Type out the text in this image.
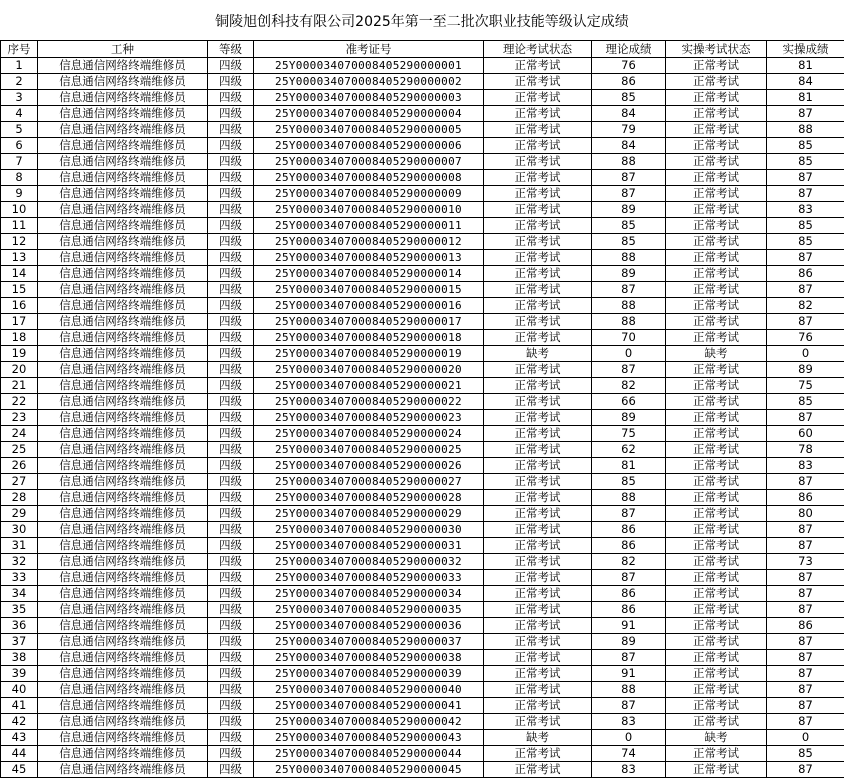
铜陵旭创科技有限公司2025年第一至二批次职业技能等级认定成绩
序号	工种	等级	准考证号	理论考试状态	理论成绩	实操考试状态	实操成绩
1	信息通信网络终端维修员	四级	25Y000034070008405290000001	正常考试	76	正常考试	81
2	信息通信网络终端维修员	四级	25Y000034070008405290000002	正常考试	86	正常考试	84
3	信息通信网络终端维修员	四级	25Y000034070008405290000003	正常考试	85	正常考试	81
4	信息通信网络终端维修员	四级	25Y000034070008405290000004	正常考试	84	正常考试	87
5	信息通信网络终端维修员	四级	25Y000034070008405290000005	正常考试	79	正常考试	88
6	信息通信网络终端维修员	四级	25Y000034070008405290000006	正常考试	84	正常考试	85
7	信息通信网络终端维修员	四级	25Y000034070008405290000007	正常考试	88	正常考试	85
8	信息通信网络终端维修员	四级	25Y000034070008405290000008	正常考试	87	正常考试	87
9	信息通信网络终端维修员	四级	25Y000034070008405290000009	正常考试	87	正常考试	87
10	信息通信网络终端维修员	四级	25Y000034070008405290000010	正常考试	89	正常考试	83
11	信息通信网络终端维修员	四级	25Y000034070008405290000011	正常考试	85	正常考试	85
12	信息通信网络终端维修员	四级	25Y000034070008405290000012	正常考试	85	正常考试	85
13	信息通信网络终端维修员	四级	25Y000034070008405290000013	正常考试	88	正常考试	87
14	信息通信网络终端维修员	四级	25Y000034070008405290000014	正常考试	89	正常考试	86
15	信息通信网络终端维修员	四级	25Y000034070008405290000015	正常考试	87	正常考试	87
16	信息通信网络终端维修员	四级	25Y000034070008405290000016	正常考试	88	正常考试	82
17	信息通信网络终端维修员	四级	25Y000034070008405290000017	正常考试	88	正常考试	87
18	信息通信网络终端维修员	四级	25Y000034070008405290000018	正常考试	70	正常考试	76
19	信息通信网络终端维修员	四级	25Y000034070008405290000019	缺考	0	缺考	0
20	信息通信网络终端维修员	四级	25Y000034070008405290000020	正常考试	87	正常考试	89
21	信息通信网络终端维修员	四级	25Y000034070008405290000021	正常考试	82	正常考试	75
22	信息通信网络终端维修员	四级	25Y000034070008405290000022	正常考试	66	正常考试	85
23	信息通信网络终端维修员	四级	25Y000034070008405290000023	正常考试	89	正常考试	87
24	信息通信网络终端维修员	四级	25Y000034070008405290000024	正常考试	75	正常考试	60
25	信息通信网络终端维修员	四级	25Y000034070008405290000025	正常考试	62	正常考试	78
26	信息通信网络终端维修员	四级	25Y000034070008405290000026	正常考试	81	正常考试	83
27	信息通信网络终端维修员	四级	25Y000034070008405290000027	正常考试	85	正常考试	87
28	信息通信网络终端维修员	四级	25Y000034070008405290000028	正常考试	88	正常考试	86
29	信息通信网络终端维修员	四级	25Y000034070008405290000029	正常考试	87	正常考试	80
30	信息通信网络终端维修员	四级	25Y000034070008405290000030	正常考试	86	正常考试	87
31	信息通信网络终端维修员	四级	25Y000034070008405290000031	正常考试	86	正常考试	87
32	信息通信网络终端维修员	四级	25Y000034070008405290000032	正常考试	82	正常考试	73
33	信息通信网络终端维修员	四级	25Y000034070008405290000033	正常考试	87	正常考试	87
34	信息通信网络终端维修员	四级	25Y000034070008405290000034	正常考试	86	正常考试	87
35	信息通信网络终端维修员	四级	25Y000034070008405290000035	正常考试	86	正常考试	87
36	信息通信网络终端维修员	四级	25Y000034070008405290000036	正常考试	91	正常考试	86
37	信息通信网络终端维修员	四级	25Y000034070008405290000037	正常考试	89	正常考试	87
38	信息通信网络终端维修员	四级	25Y000034070008405290000038	正常考试	87	正常考试	87
39	信息通信网络终端维修员	四级	25Y000034070008405290000039	正常考试	91	正常考试	87
40	信息通信网络终端维修员	四级	25Y000034070008405290000040	正常考试	88	正常考试	87
41	信息通信网络终端维修员	四级	25Y000034070008405290000041	正常考试	87	正常考试	87
42	信息通信网络终端维修员	四级	25Y000034070008405290000042	正常考试	83	正常考试	87
43	信息通信网络终端维修员	四级	25Y000034070008405290000043	缺考	0	缺考	0
44	信息通信网络终端维修员	四级	25Y000034070008405290000044	正常考试	74	正常考试	85
45	信息通信网络终端维修员	四级	25Y000034070008405290000045	正常考试	83	正常考试	87
